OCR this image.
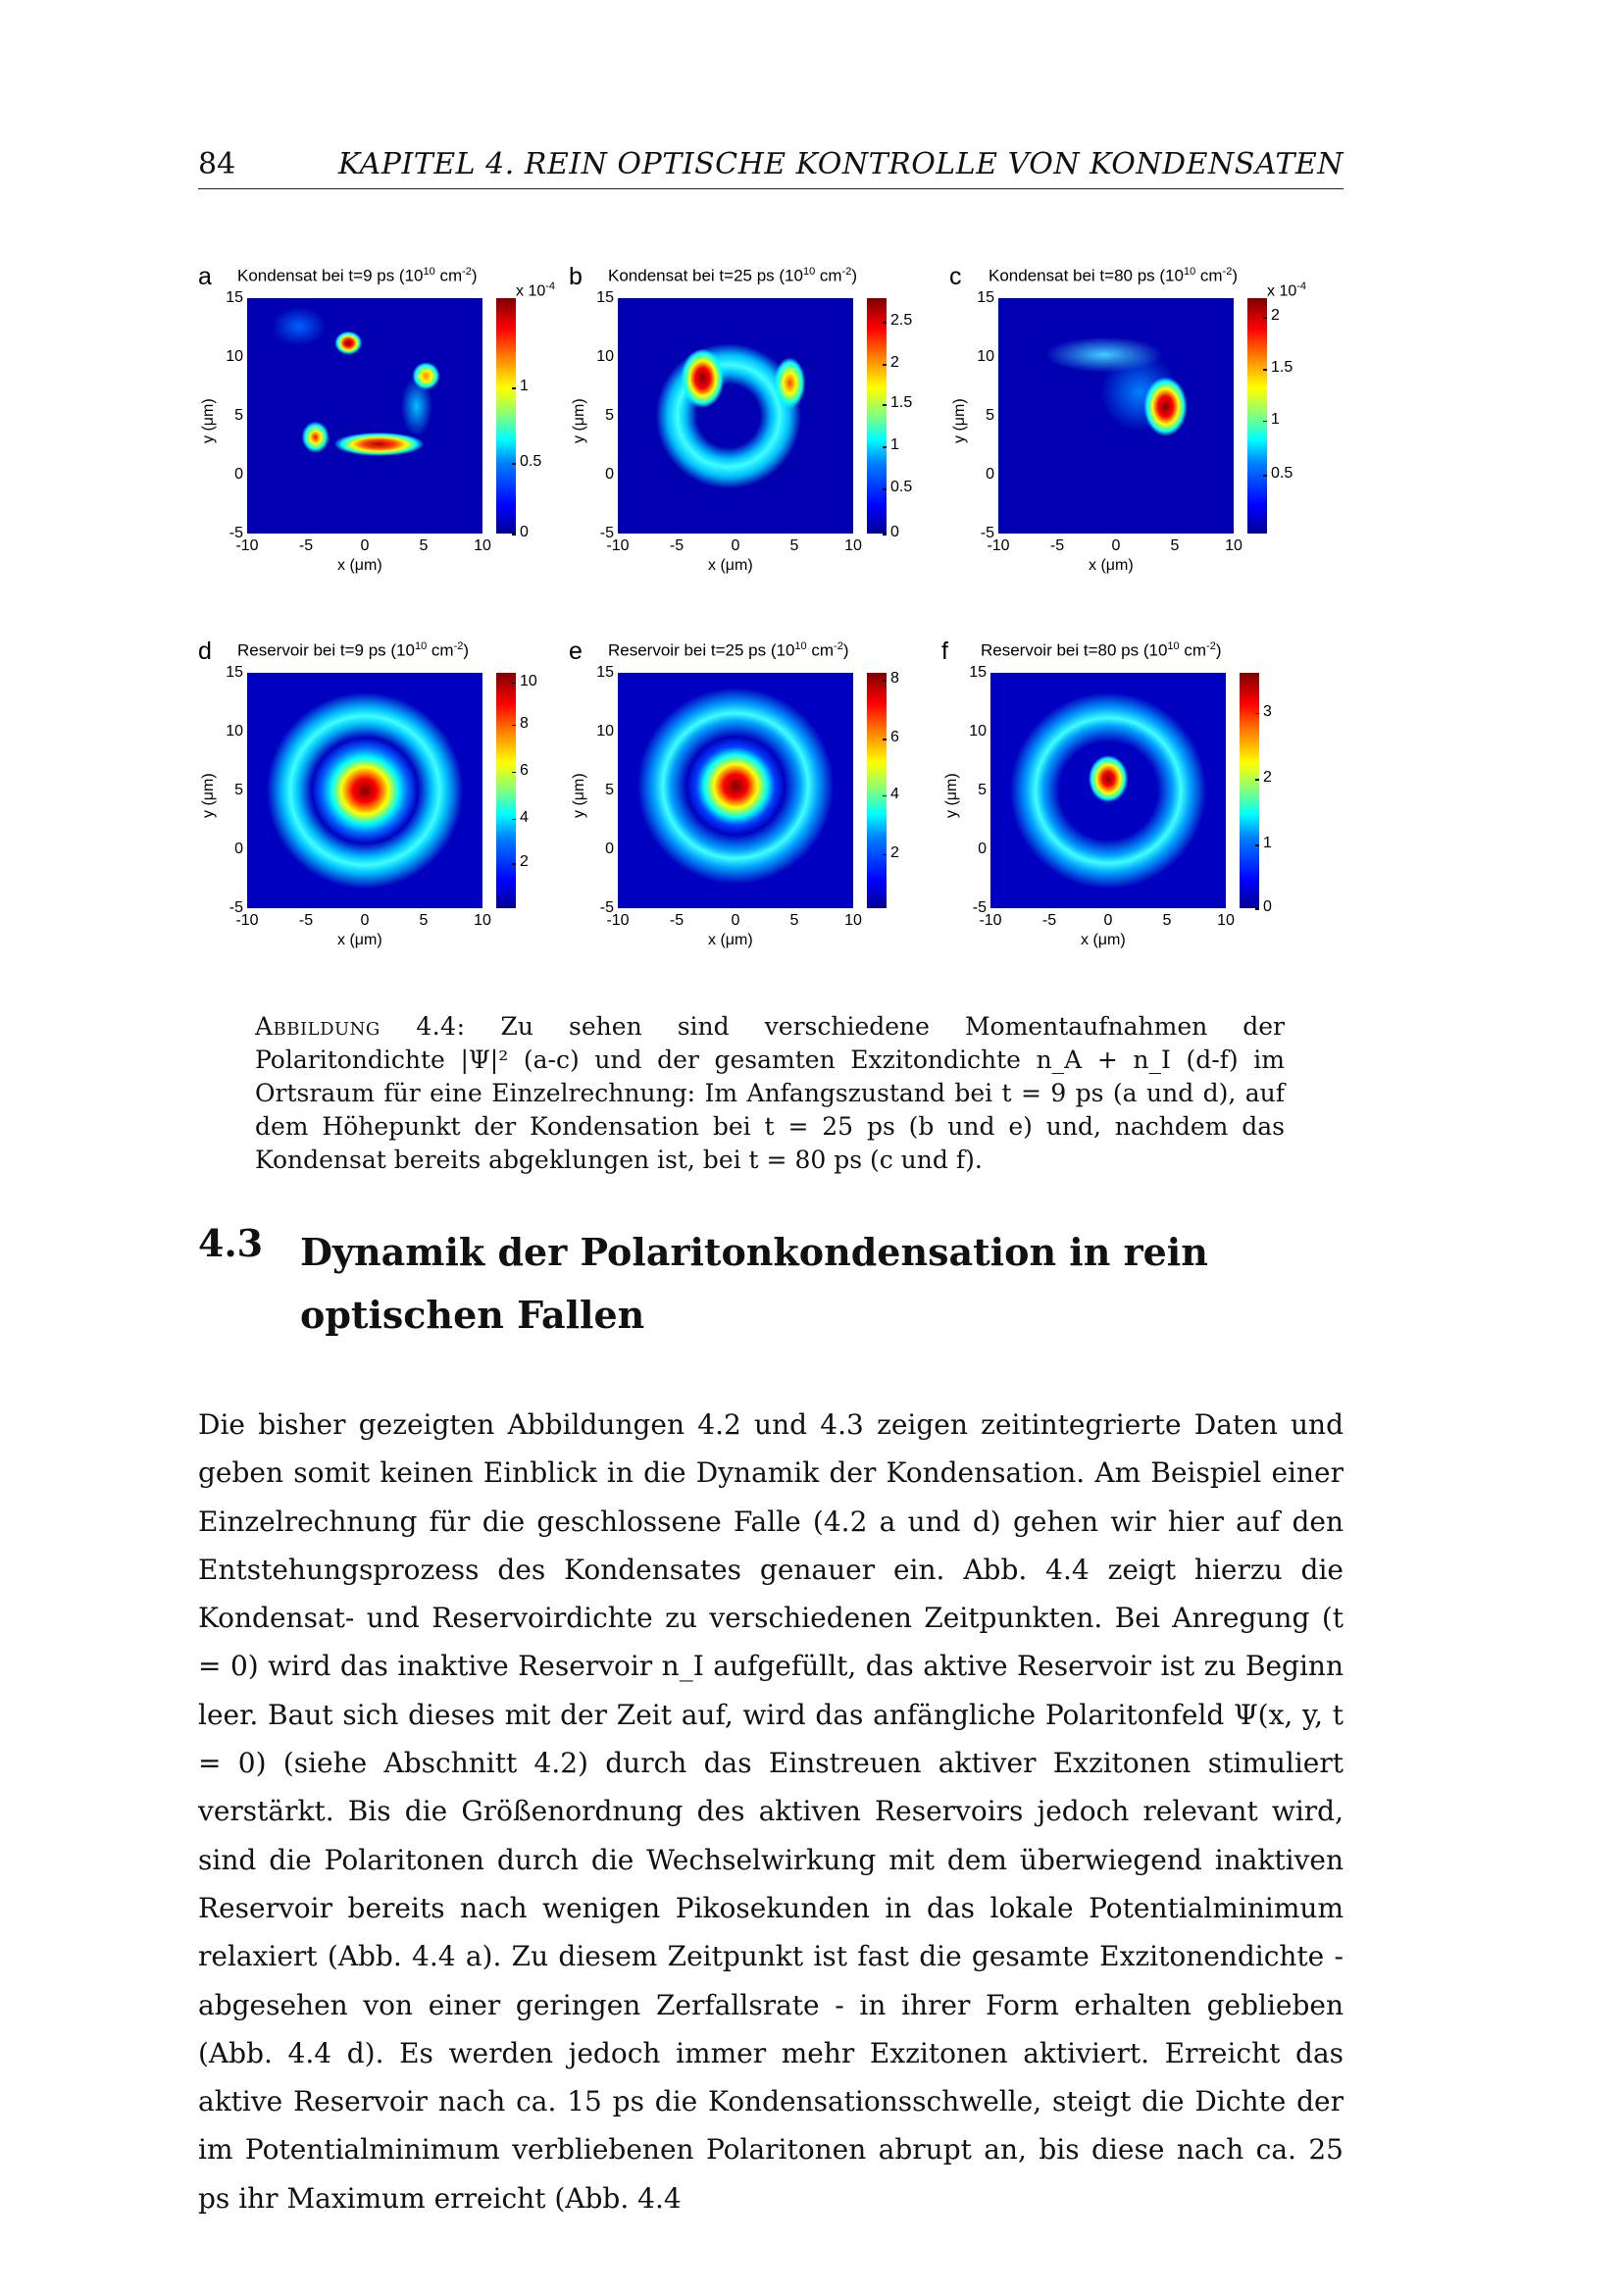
84	KAPITEL 4. REIN OPTISCHE KONTROLLE VON KONDENSATEN
a Kondensat bei t=9 ps ($10^{10}$ $cm^{-2}$)
x $10^{-4}$
1
0.5
0
15
10
5
0
-5
-10	-5	0	5	10
x (μm)
y (μm)
b Kondensat bei t=25 ps ($10^{10}$ $cm^{-2}$)
2.5
2
1.5
1
0.5
0
15
10
5
0
-5
-10	-5	0	5	10
x (μm)
y (μm)
c Kondensat bei t=80 ps ($10^{10}$ $cm^{-2}$)
x $10^{-4}$
2
1.5
1
0.5
15
10
5
0
-5
-10	-5	0	5	10
x (μm)
y (μm)
d Reservoir bei t=9 ps ($10^{10}$ $cm^{-2}$)
10
8
6
4
2
15
10
5
0
-5
-10	-5	0	5	10
x (μm)
y (μm)
e Reservoir bei t=25 ps ($10^{10}$ $cm^{-2}$)
8
6
4
2
15
10
5
0
-5
-10	-5	0	5	10
x (μm)
y (μm)
f Reservoir bei t=80 ps ($10^{10}$ $cm^{-2}$)
3
2
1
0
15
10
5
0
-5
-10	-5	0	5	10
x (μm)
y (μm)
Abbildung 4.4: Zu sehen sind verschiedene Momentaufnahmen der Polaritondichte |Ψ|² (a-c) und der gesamten Exzitondichte n_A + n_I (d-f) im Ortsraum für eine Einzelrechnung: Im Anfangszustand bei t = 9 ps (a und d), auf dem Höhepunkt der Kondensation bei t = 25 ps (b und e) und, nachdem das Kondensat bereits abgeklungen ist, bei t = 80 ps (c und f).
4.3 Dynamik der Polaritonkondensation in rein optischen Fallen
Die bisher gezeigten Abbildungen 4.2 und 4.3 zeigen zeitintegrierte Daten und geben somit keinen Einblick in die Dynamik der Kondensation. Am Beispiel einer Einzelrechnung für die geschlossene Falle (4.2 a und d) gehen wir hier auf den Entstehungsprozess des Kondensates genauer ein. Abb. 4.4 zeigt hierzu die Kondensat- und Reservoirdichte zu verschiedenen Zeitpunkten. Bei Anregung (t = 0) wird das inaktive Reservoir n_I aufgefüllt, das aktive Reservoir ist zu Beginn leer. Baut sich dieses mit der Zeit auf, wird das anfängliche Polaritonfeld Ψ(x, y, t = 0) (siehe Abschnitt 4.2) durch das Einstreuen aktiver Exzitonen stimuliert verstärkt. Bis die Größenordnung des aktiven Reservoirs jedoch relevant wird, sind die Polaritonen durch die Wechselwirkung mit dem überwiegend inaktiven Reservoir bereits nach wenigen Pikosekunden in das lokale Potentialminimum relaxiert (Abb. 4.4 a). Zu diesem Zeitpunkt ist fast die gesamte Exzitonendichte - abgesehen von einer geringen Zerfallsrate - in ihrer Form erhalten geblieben (Abb. 4.4 d). Es werden jedoch immer mehr Exzitonen aktiviert. Erreicht das aktive Reservoir nach ca. 15 ps die Kondensationsschwelle, steigt die Dichte der im Potentialminimum verbliebenen Polaritonen abrupt an, bis diese nach ca. 25 ps ihr Maximum erreicht (Abb. 4.4
